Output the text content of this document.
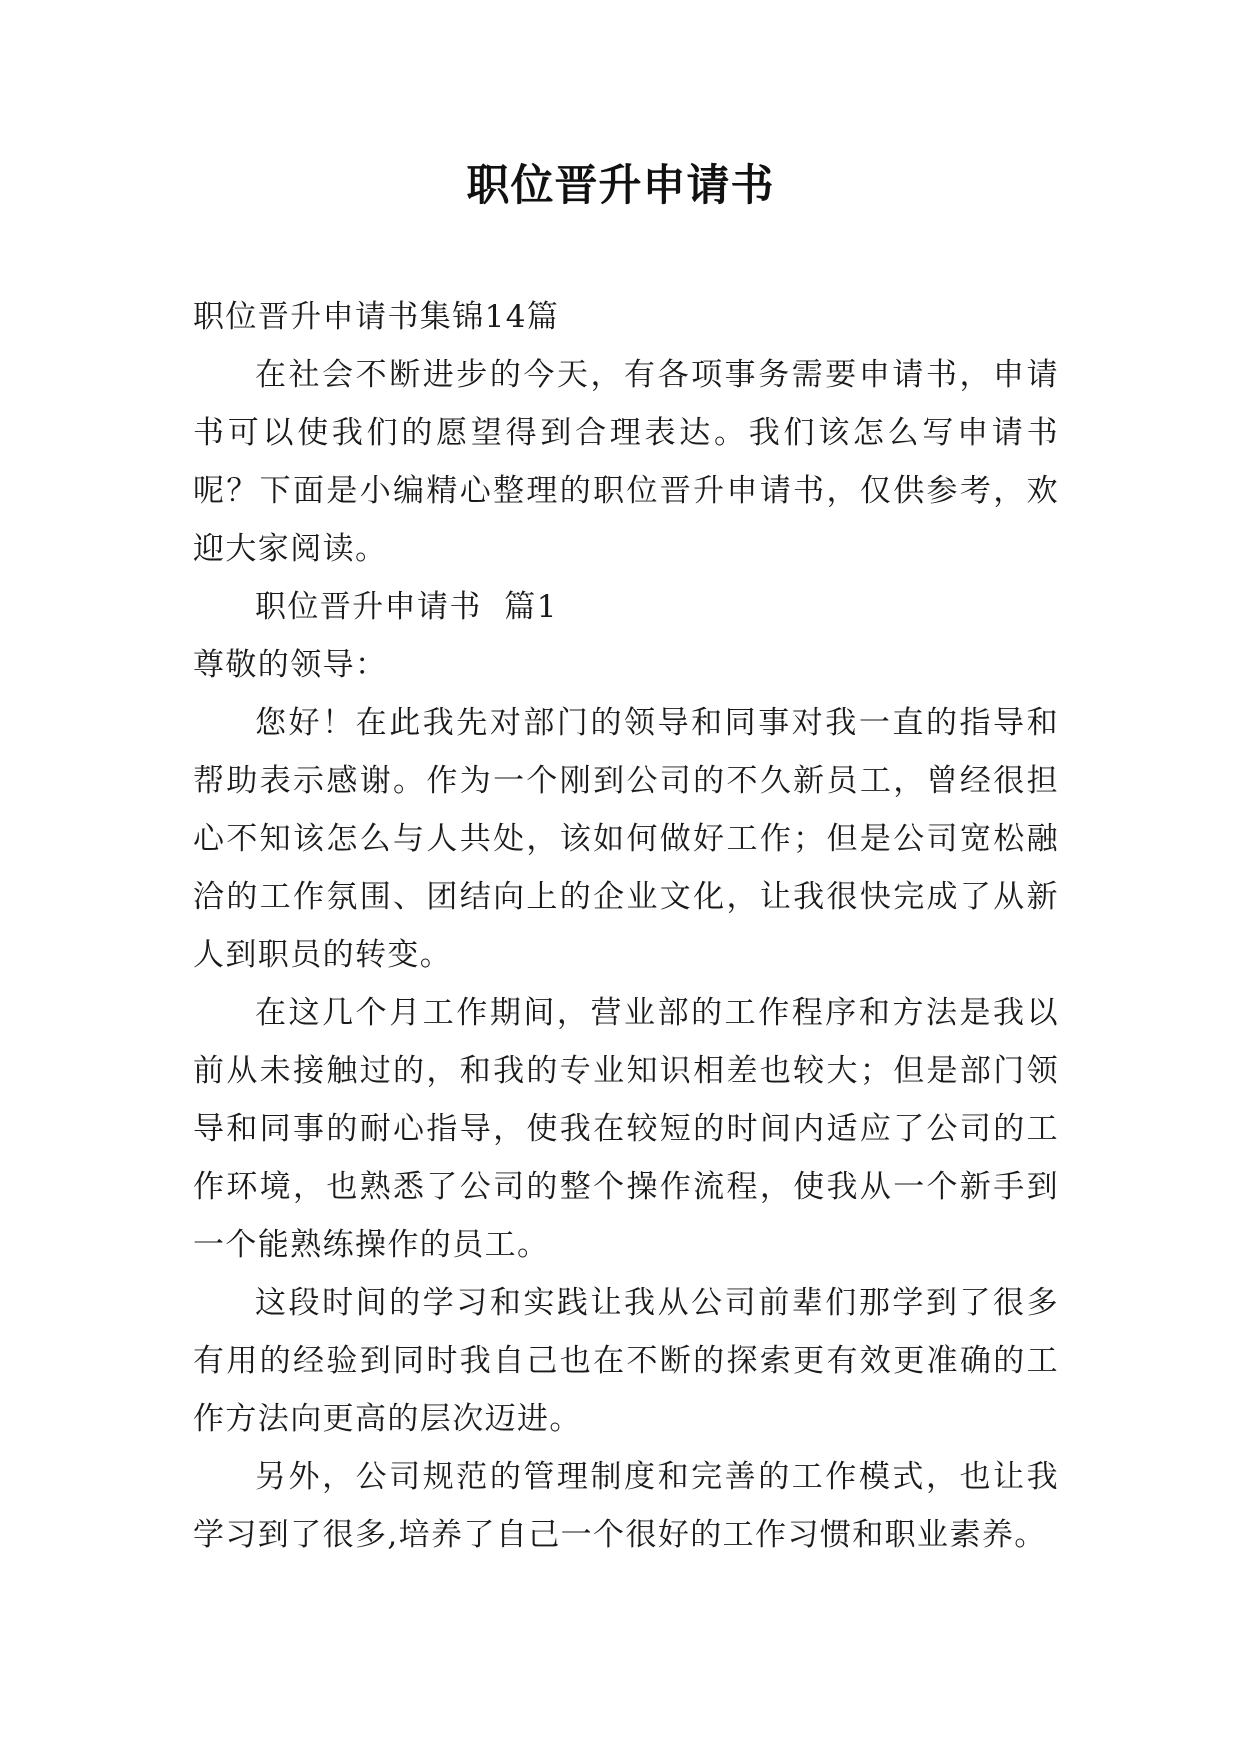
职位晋升申请书

职位晋升申请书集锦14篇

在社会不断进步的今天，有各项事务需要申请书，申请书可以使我们的愿望得到合理表达。我们该怎么写申请书呢？下面是小编精心整理的职位晋升申请书，仅供参考，欢迎大家阅读。

职位晋升申请书  篇1

尊敬的领导：

您好！在此我先对部门的领导和同事对我一直的指导和帮助表示感谢。作为一个刚到公司的不久新员工，曾经很担心不知该怎么与人共处，该如何做好工作；但是公司宽松融洽的工作氛围、团结向上的企业文化，让我很快完成了从新人到职员的转变。

在这几个月工作期间，营业部的工作程序和方法是我以前从未接触过的，和我的专业知识相差也较大；但是部门领导和同事的耐心指导，使我在较短的时间内适应了公司的工作环境，也熟悉了公司的整个操作流程，使我从一个新手到一个能熟练操作的员工。

这段时间的学习和实践让我从公司前辈们那学到了很多有用的经验到同时我自己也在不断的探索更有效更准确的工作方法向更高的层次迈进。

另外，公司规范的管理制度和完善的工作模式，也让我学习到了很多,培养了自己一个很好的工作习惯和职业素养。
